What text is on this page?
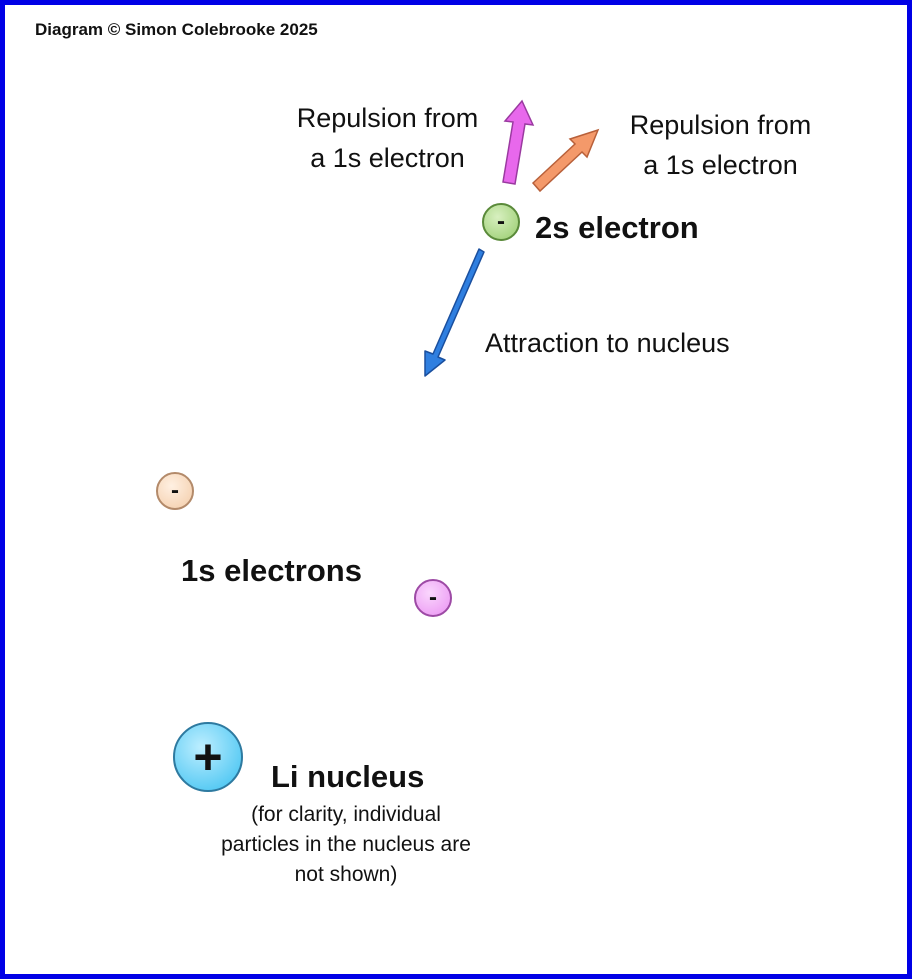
Diagram © Simon Colebrooke 2025
Repulsion from
a 1s electron
Repulsion from
a 1s electron
- 2s electron
Attraction to nucleus
-
1s electrons
-
+	Li nucleus
(for clarity, individual particles in the nucleus are not shown)
